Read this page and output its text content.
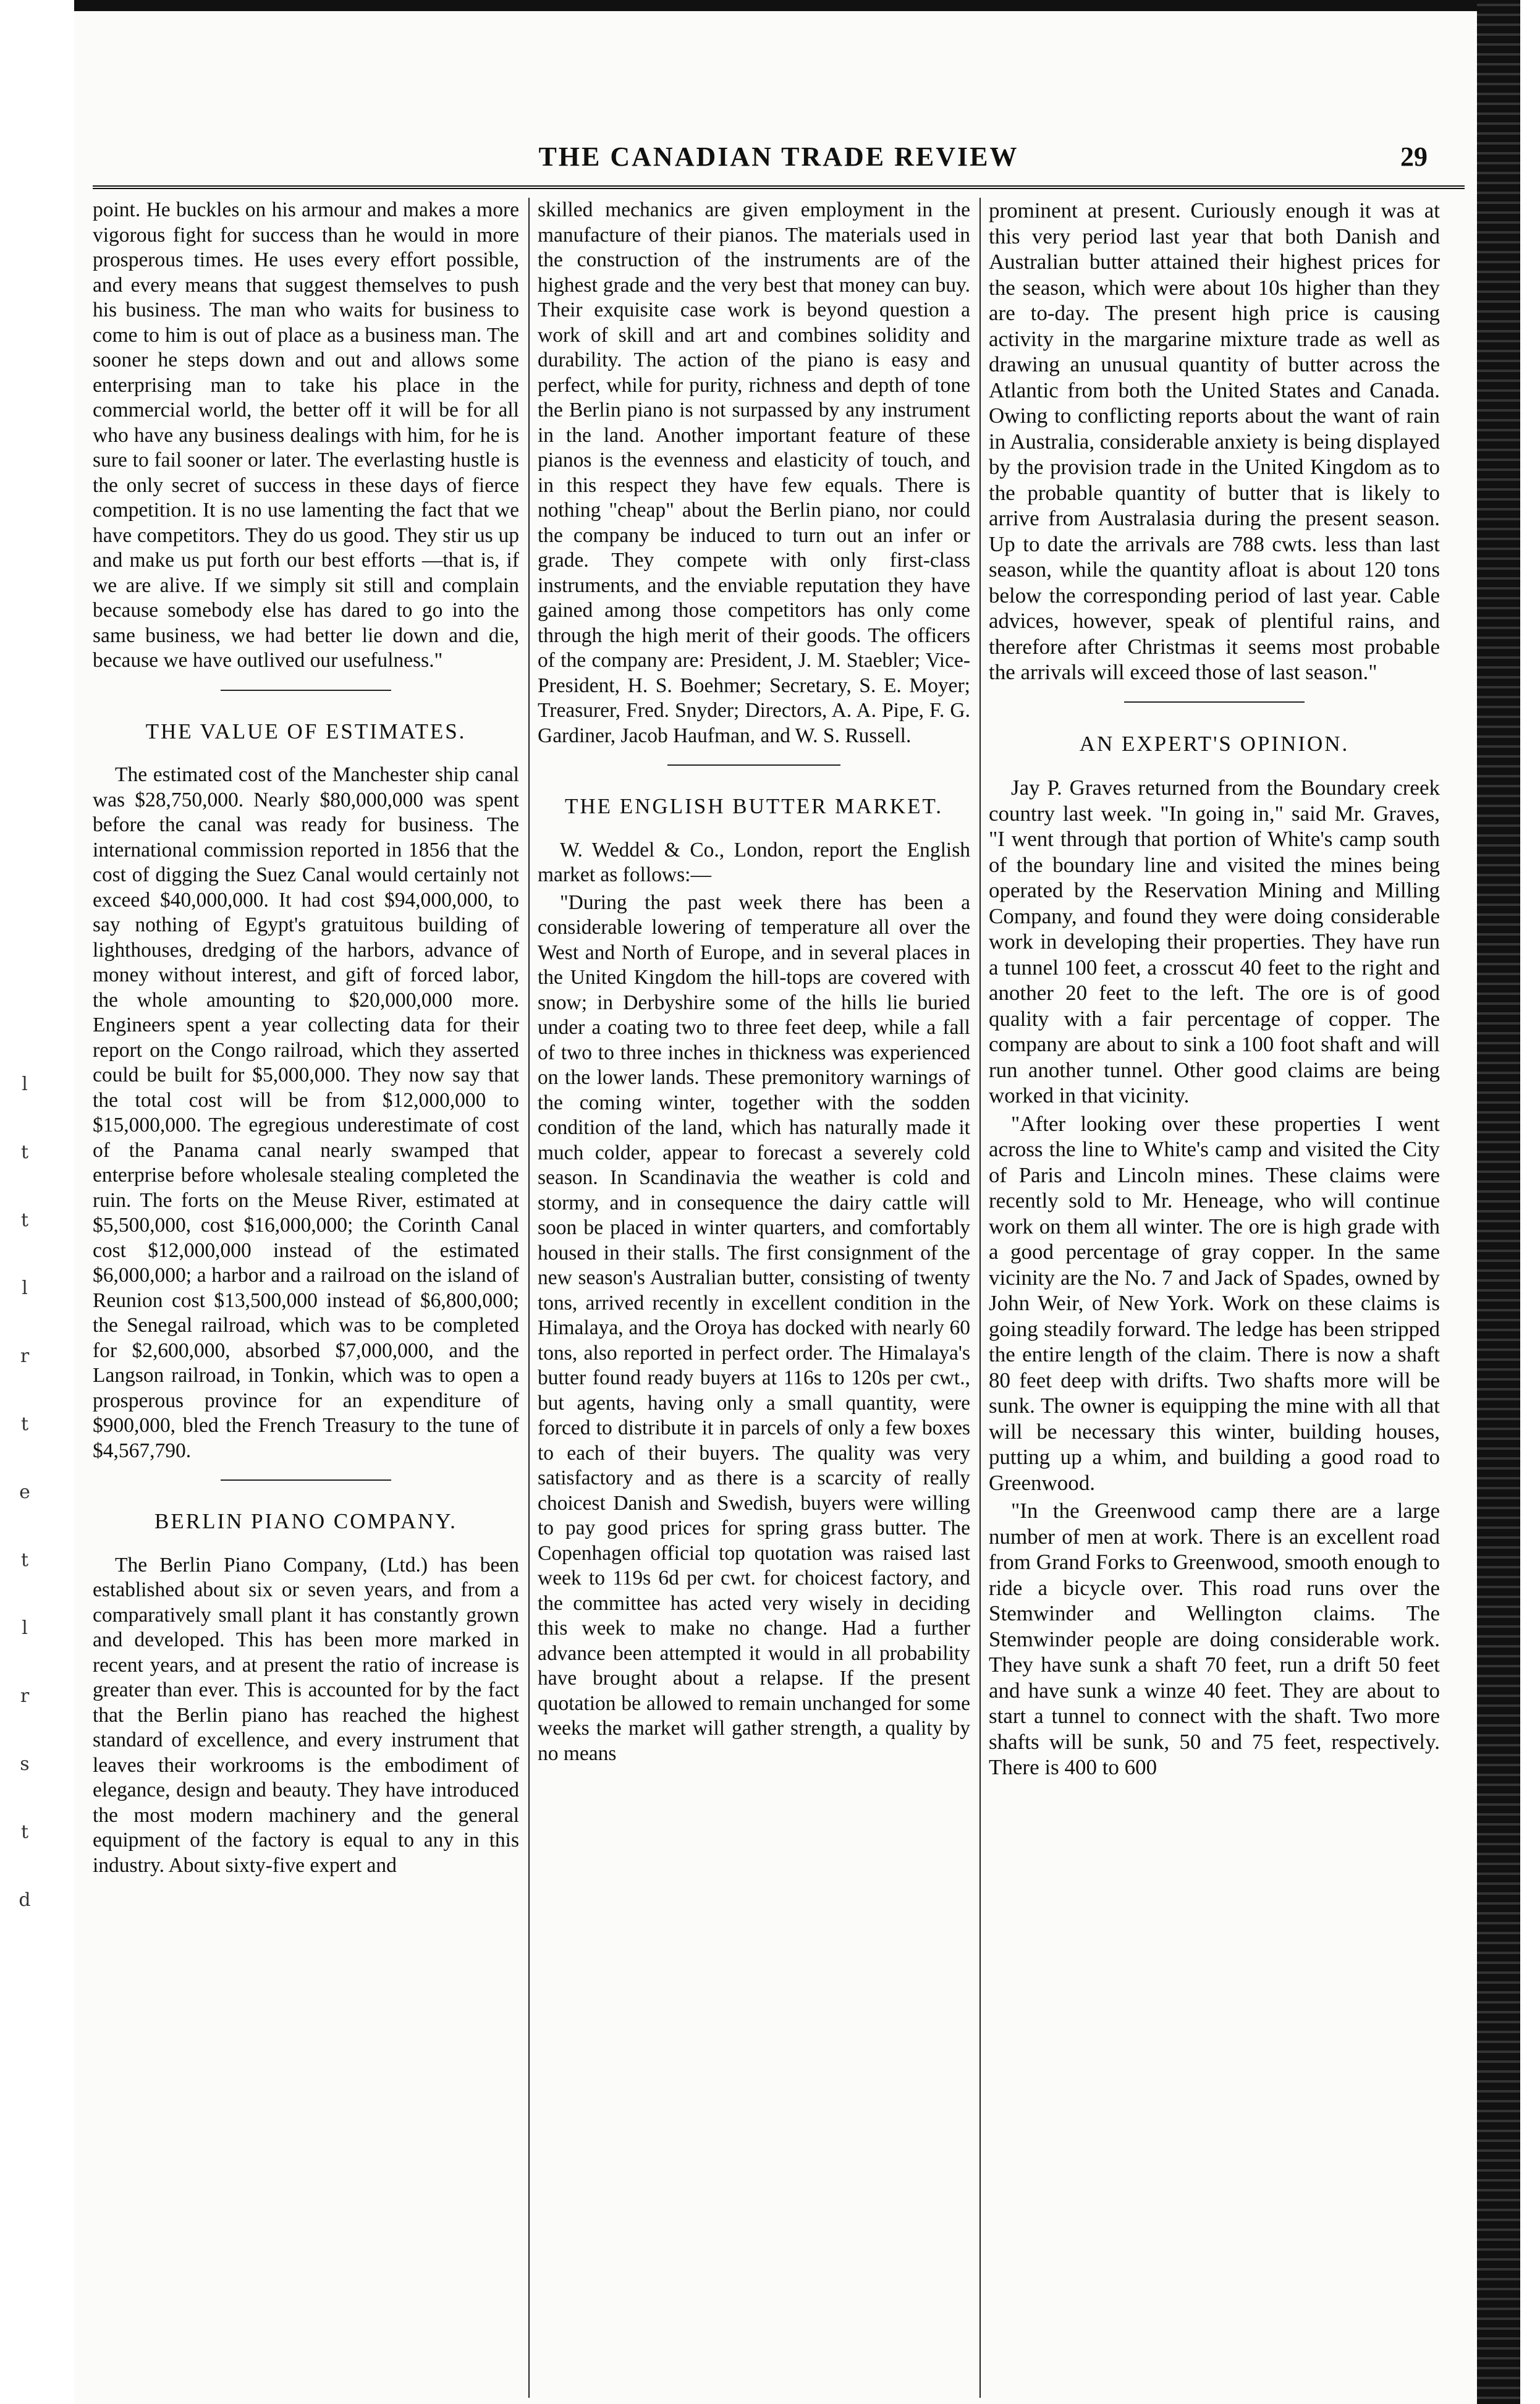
THE CANADIAN TRADE REVIEW	29

point. He buckles on his armour and makes a more vigorous fight for success than he would in more prosperous times. He uses every effort possible, and every means that suggest themselves to push his business. The man who waits for business to come to him is out of place as a business man. The sooner he steps down and out and allows some enterprising man to take his place in the commercial world, the better off it will be for all who have any business dealings with him, for he is sure to fail sooner or later. The everlasting hustle is the only secret of success in these days of fierce competition. It is no use lamenting the fact that we have competitors. They do us good. They stir us up and make us put forth our best efforts —that is, if we are alive. If we simply sit still and complain because somebody else has dared to go into the same business, we had better lie down and die, because we have outlived our usefulness."

THE VALUE OF ESTIMATES.

The estimated cost of the Manchester ship canal was $28,750,000. Nearly $80,000,000 was spent before the canal was ready for business. The international commission reported in 1856 that the cost of digging the Suez Canal would certainly not exceed $40,000,000. It had cost $94,000,000, to say nothing of Egypt's gratuitous building of lighthouses, dredging of the harbors, advance of money without interest, and gift of forced labor, the whole amounting to $20,000,000 more. Engineers spent a year collecting data for their report on the Congo railroad, which they asserted could be built for $5,000,000. They now say that the total cost will be from $12,000,000 to $15,000,000. The egregious underestimate of cost of the Panama canal nearly swamped that enterprise before wholesale stealing completed the ruin. The forts on the Meuse River, estimated at $5,500,000, cost $16,000,000; the Corinth Canal cost $12,000,000 instead of the estimated $6,000,000; a harbor and a railroad on the island of Reunion cost $13,500,000 instead of $6,800,000; the Senegal railroad, which was to be completed for $2,600,000, absorbed $7,000,000, and the Langson railroad, in Tonkin, which was to open a prosperous province for an expenditure of $900,000, bled the French Treasury to the tune of $4,567,790.

BERLIN PIANO COMPANY.

The Berlin Piano Company, (Ltd.) has been established about six or seven years, and from a comparatively small plant it has constantly grown and developed. This has been more marked in recent years, and at present the ratio of increase is greater than ever. This is accounted for by the fact that the Berlin piano has reached the highest standard of excellence, and every instrument that leaves their workrooms is the embodiment of elegance, design and beauty. They have introduced the most modern machinery and the general equipment of the factory is equal to any in this industry. About sixty-five expert and

skilled mechanics are given employment in the manufacture of their pianos. The materials used in the construction of the instruments are of the highest grade and the very best that money can buy. Their exquisite case work is beyond question a work of skill and art and combines solidity and durability. The action of the piano is easy and perfect, while for purity, richness and depth of tone the Berlin piano is not surpassed by any instrument in the land. Another important feature of these pianos is the evenness and elasticity of touch, and in this respect they have few equals. There is nothing "cheap" about the Berlin piano, nor could the company be induced to turn out an infer or grade. They compete with only first-class instruments, and the enviable reputation they have gained among those competitors has only come through the high merit of their goods. The officers of the company are: President, J. M. Staebler; Vice-President, H. S. Boehmer; Secretary, S. E. Moyer; Treasurer, Fred. Snyder; Directors, A. A. Pipe, F. G. Gardiner, Jacob Haufman, and W. S. Russell.

THE ENGLISH BUTTER MARKET.

W. Weddel & Co., London, report the English market as follows:—

"During the past week there has been a considerable lowering of temperature all over the West and North of Europe, and in several places in the United Kingdom the hill-tops are covered with snow; in Derbyshire some of the hills lie buried under a coating two to three feet deep, while a fall of two to three inches in thickness was experienced on the lower lands. These premonitory warnings of the coming winter, together with the sodden condition of the land, which has naturally made it much colder, appear to forecast a severely cold season. In Scandinavia the weather is cold and stormy, and in consequence the dairy cattle will soon be placed in winter quarters, and comfortably housed in their stalls. The first consignment of the new season's Australian butter, consisting of twenty tons, arrived recently in excellent condition in the Himalaya, and the Oroya has docked with nearly 60 tons, also reported in perfect order. The Himalaya's butter found ready buyers at 116s to 120s per cwt., but agents, having only a small quantity, were forced to distribute it in parcels of only a few boxes to each of their buyers. The quality was very satisfactory and as there is a scarcity of really choicest Danish and Swedish, buyers were willing to pay good prices for spring grass butter. The Copenhagen official top quotation was raised last week to 119s 6d per cwt. for choicest factory, and the committee has acted very wisely in deciding this week to make no change. Had a further advance been attempted it would in all probability have brought about a relapse. If the present quotation be allowed to remain unchanged for some weeks the market will gather strength, a quality by no means

prominent at present. Curiously enough it was at this very period last year that both Danish and Australian butter attained their highest prices for the season, which were about 10s higher than they are to-day. The present high price is causing activity in the margarine mixture trade as well as drawing an unusual quantity of butter across the Atlantic from both the United States and Canada. Owing to conflicting reports about the want of rain in Australia, considerable anxiety is being displayed by the provision trade in the United Kingdom as to the probable quantity of butter that is likely to arrive from Australasia during the present season. Up to date the arrivals are 788 cwts. less than last season, while the quantity afloat is about 120 tons below the corresponding period of last year. Cable advices, however, speak of plentiful rains, and therefore after Christmas it seems most probable the arrivals will exceed those of last season."

AN EXPERT'S OPINION.

Jay P. Graves returned from the Boundary creek country last week. "In going in," said Mr. Graves, "I went through that portion of White's camp south of the boundary line and visited the mines being operated by the Reservation Mining and Milling Company, and found they were doing considerable work in developing their properties. They have run a tunnel 100 feet, a crosscut 40 feet to the right and another 20 feet to the left. The ore is of good quality with a fair percentage of copper. The company are about to sink a 100 foot shaft and will run another tunnel. Other good claims are being worked in that vicinity.

"After looking over these properties I went across the line to White's camp and visited the City of Paris and Lincoln mines. These claims were recently sold to Mr. Heneage, who will continue work on them all winter. The ore is high grade with a good percentage of gray copper. In the same vicinity are the No. 7 and Jack of Spades, owned by John Weir, of New York. Work on these claims is going steadily forward. The ledge has been stripped the entire length of the claim. There is now a shaft 80 feet deep with drifts. Two shafts more will be sunk. The owner is equipping the mine with all that will be necessary this winter, building houses, putting up a whim, and building a good road to Greenwood.

"In the Greenwood camp there are a large number of men at work. There is an excellent road from Grand Forks to Greenwood, smooth enough to ride a bicycle over. This road runs over the Stemwinder and Wellington claims. The Stemwinder people are doing considerable work. They have sunk a shaft 70 feet, run a drift 50 feet and have sunk a winze 40 feet. They are about to start a tunnel to connect with the shaft. Two more shafts will be sunk, 50 and 75 feet, respectively. There is 400 to 600

l
t
t
l
r
t
e
t
l
r
s
t
d
